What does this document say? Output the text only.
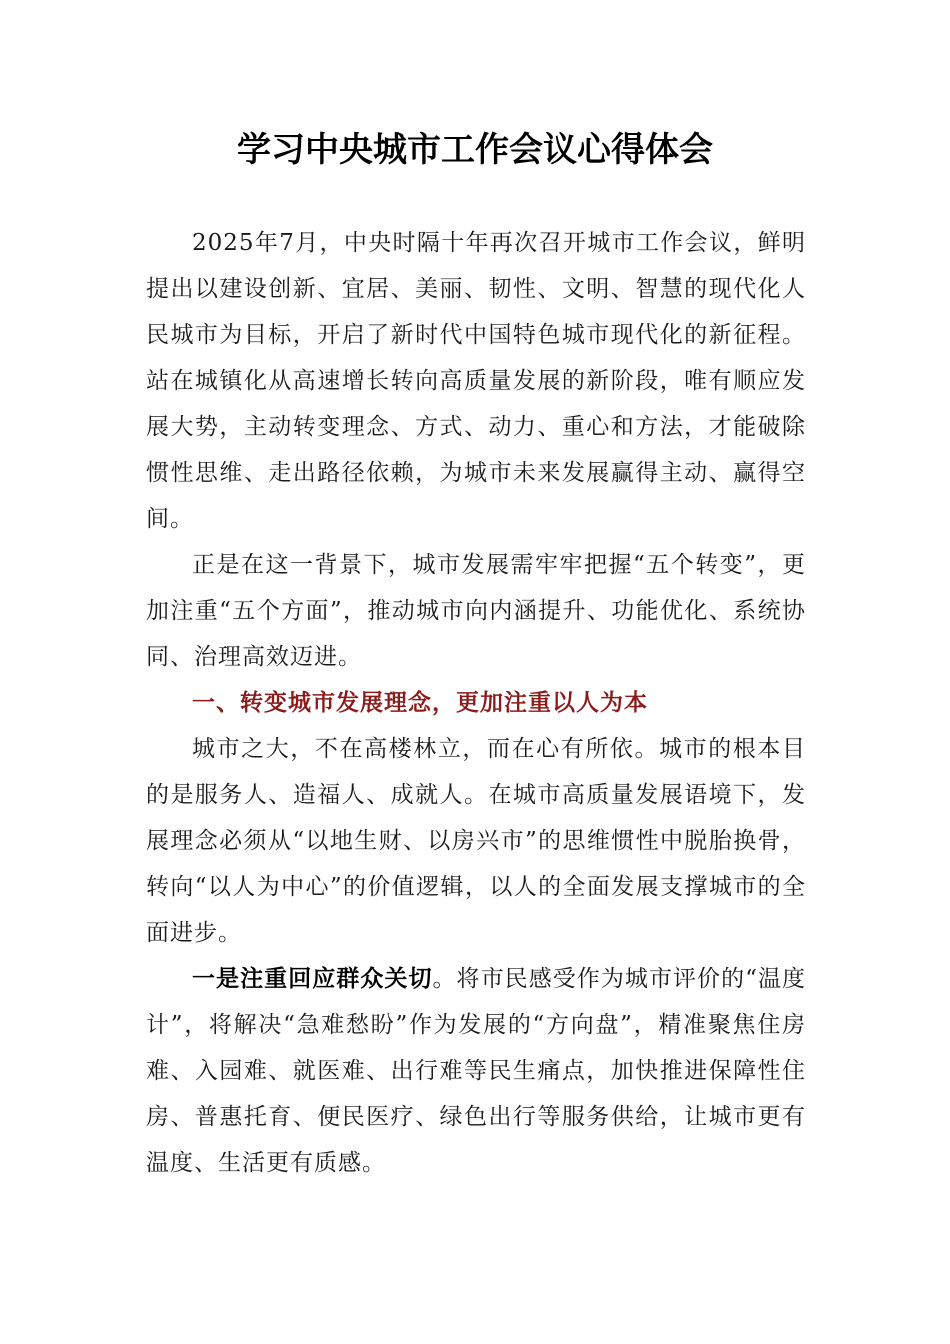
学习中央城市工作会议心得体会

2025年7月，中央时隔十年再次召开城市工作会议，鲜明提出以建设创新、宜居、美丽、韧性、文明、智慧的现代化人民城市为目标，开启了新时代中国特色城市现代化的新征程。站在城镇化从高速增长转向高质量发展的新阶段，唯有顺应发展大势，主动转变理念、方式、动力、重心和方法，才能破除惯性思维、走出路径依赖，为城市未来发展赢得主动、赢得空间。

正是在这一背景下，城市发展需牢牢把握“五个转变”，更加注重“五个方面”，推动城市向内涵提升、功能优化、系统协同、治理高效迈进。

一、转变城市发展理念，更加注重以人为本

城市之大，不在高楼林立，而在心有所依。城市的根本目的是服务人、造福人、成就人。在城市高质量发展语境下，发展理念必须从“以地生财、以房兴市”的思维惯性中脱胎换骨，转向“以人为中心”的价值逻辑，以人的全面发展支撑城市的全面进步。

一是注重回应群众关切。将市民感受作为城市评价的“温度计”，将解决“急难愁盼”作为发展的“方向盘”，精准聚焦住房难、入园难、就医难、出行难等民生痛点，加快推进保障性住房、普惠托育、便民医疗、绿色出行等服务供给，让城市更有温度、生活更有质感。
